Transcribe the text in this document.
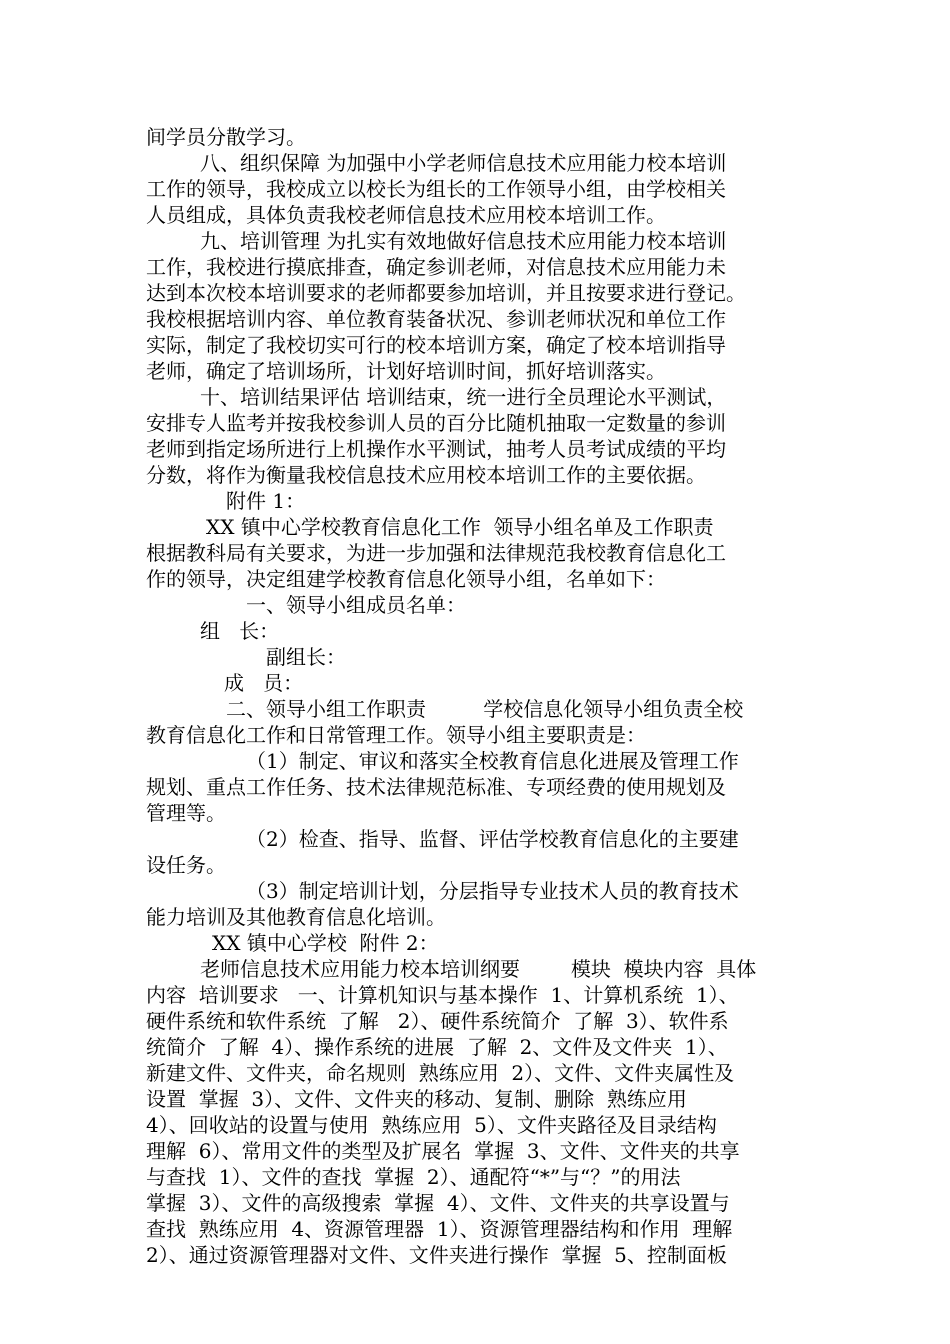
间学员分散学习。
八、组织保障 为加强中小学老师信息技术应用能力校本培训
工作的领导，我校成立以校长为组长的工作领导小组，由学校相关
人员组成，具体负责我校老师信息技术应用校本培训工作。
九、培训管理 为扎实有效地做好信息技术应用能力校本培训
工作，我校进行摸底排查，确定参训老师，对信息技术应用能力未
达到本次校本培训要求的老师都要参加培训，并且按要求进行登记。
我校根据培训内容、单位教育装备状况、参训老师状况和单位工作
实际，制定了我校切实可行的校本培训方案，确定了校本培训指导
老师，确定了培训场所，计划好培训时间，抓好培训落实。
十、培训结果评估 培训结束，统一进行全员理论水平测试，
安排专人监考并按我校参训人员的百分比随机抽取一定数量的参训
老师到指定场所进行上机操作水平测试，抽考人员考试成绩的平均
分数，将作为衡量我校信息技术应用校本培训工作的主要依据。
附件 1：
XX 镇中心学校教育信息化工作  领导小组名单及工作职责
根据教科局有关要求，为进一步加强和法律规范我校教育信息化工
作的领导，决定组建学校教育信息化领导小组，名单如下：
一、领导小组成员名单：
组   长：
副组长：
成   员：
二、领导小组工作职责         学校信息化领导小组负责全校
教育信息化工作和日常管理工作。领导小组主要职责是：
（1）制定、审议和落实全校教育信息化进展及管理工作
规划、重点工作任务、技术法律规范标准、专项经费的使用规划及
管理等。
（2）检查、指导、监督、评估学校教育信息化的主要建
设任务。
（3）制定培训计划，分层指导专业技术人员的教育技术
能力培训及其他教育信息化培训。
XX 镇中心学校  附件 2：
老师信息技术应用能力校本培训纲要        模块  模块内容  具体
内容  培训要求   一、计算机知识与基本操作  1、计算机系统  1）、
硬件系统和软件系统  了解   2）、硬件系统简介  了解  3）、软件系
统简介  了解  4）、操作系统的进展  了解  2、文件及文件夹  1）、
新建文件、文件夹，命名规则  熟练应用  2）、文件、文件夹属性及
设置  掌握  3）、文件、文件夹的移动、复制、删除  熟练应用
4）、回收站的设置与使用  熟练应用  5）、文件夹路径及目录结构
理解  6）、常用文件的类型及扩展名  掌握  3、文件、文件夹的共享
与查找  1）、文件的查找  掌握  2）、通配符“*”与“？”的用法
掌握  3）、文件的高级搜索  掌握  4）、文件、文件夹的共享设置与
查找  熟练应用  4、资源管理器  1）、资源管理器结构和作用  理解
2）、通过资源管理器对文件、文件夹进行操作  掌握  5、控制面板
